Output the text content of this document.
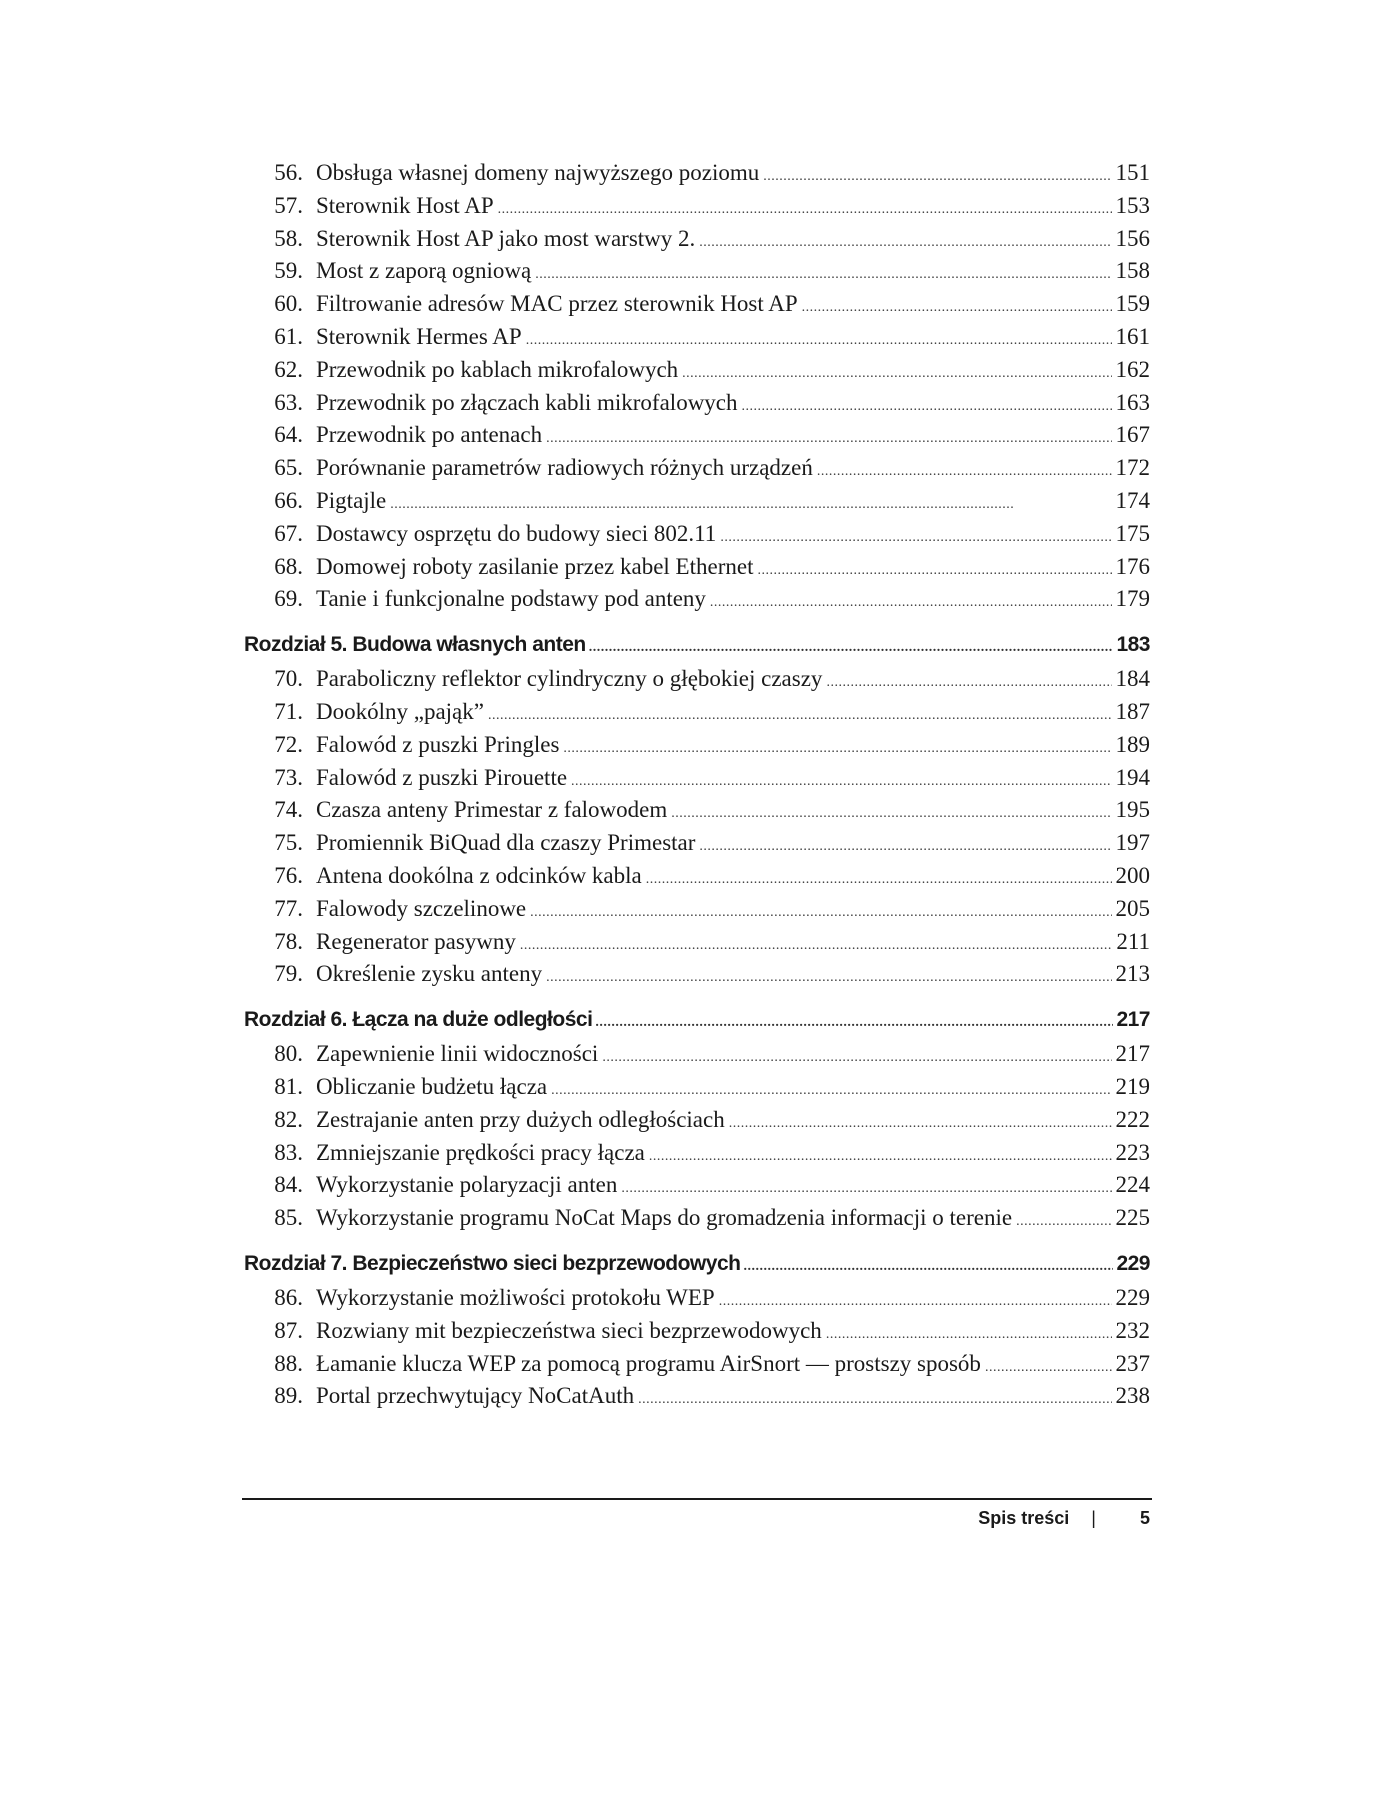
56. Obsługa własnej domeny najwyższego poziomu . . .	151
57. Sterownik Host AP . . .	153
58. Sterownik Host AP jako most warstwy 2. . . .	156
59. Most z zaporą ogniową . . .	158
60. Filtrowanie adresów MAC przez sterownik Host AP . . .	159
61. Sterownik Hermes AP . . .	161
62. Przewodnik po kablach mikrofalowych . . .	162
63. Przewodnik po złączach kabli mikrofalowych . . .	163
64. Przewodnik po antenach . . .	167
65. Porównanie parametrów radiowych różnych urządzeń . . .	172
66. Pigtajle . . .	174
67. Dostawcy osprzętu do budowy sieci 802.11 . . .	175
68. Domowej roboty zasilanie przez kabel Ethernet . . .	176
69. Tanie i funkcjonalne podstawy pod anteny . . .	179
Rozdział 5. Budowa własnych anten . . .	183
70. Paraboliczny reflektor cylindryczny o głębokiej czaszy . . .	184
71. Dookólny „pająk” . . .	187
72. Falowód z puszki Pringles . . .	189
73. Falowód z puszki Pirouette . . .	194
74. Czasza anteny Primestar z falowodem . . .	195
75. Promiennik BiQuad dla czaszy Primestar . . .	197
76. Antena dookólna z odcinków kabla . . .	200
77. Falowody szczelinowe . . .	205
78. Regenerator pasywny . . .	211
79. Określenie zysku anteny . . .	213
Rozdział 6. Łącza na duże odległości . . .	217
80. Zapewnienie linii widoczności . . .	217
81. Obliczanie budżetu łącza . . .	219
82. Zestrajanie anten przy dużych odległościach . . .	222
83. Zmniejszanie prędkości pracy łącza . . .	223
84. Wykorzystanie polaryzacji anten . . .	224
85. Wykorzystanie programu NoCat Maps do gromadzenia informacji o terenie . . .	225
Rozdział 7. Bezpieczeństwo sieci bezprzewodowych . . .	229
86. Wykorzystanie możliwości protokołu WEP . . .	229
87. Rozwiany mit bezpieczeństwa sieci bezprzewodowych . . .	232
88. Łamanie klucza WEP za pomocą programu AirSnort — prostszy sposób . . .	237
89. Portal przechwytujący NoCatAuth . . .	238
Spis treści | 5
